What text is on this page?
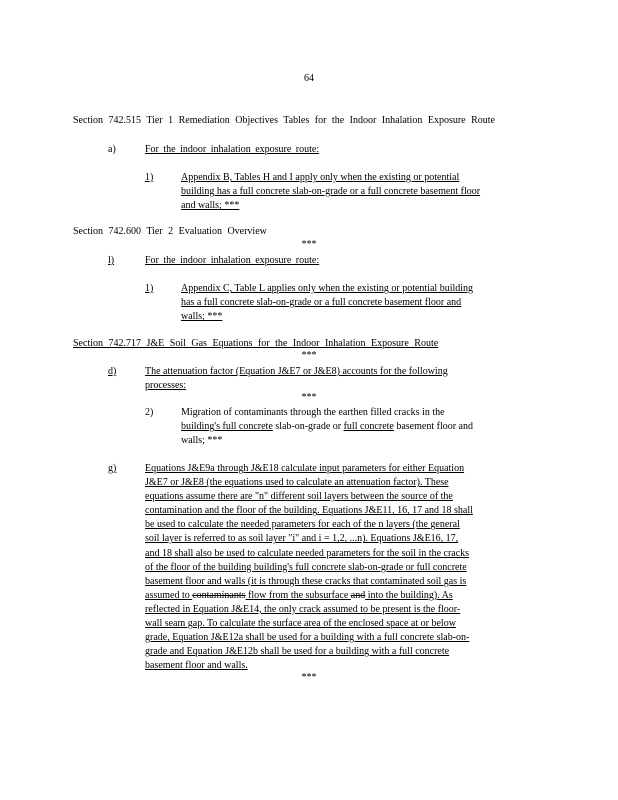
64
Section 742.515 Tier 1 Remediation Objectives Tables for the Indoor Inhalation Exposure Route
a)	For the indoor inhalation exposure route:
1)	Appendix B, Tables H and I apply only when the existing or potential
building has a full concrete slab-on-grade or a full concrete basement floor
and walls; ***
Section 742.600 Tier 2 Evaluation Overview
***
l)	For the indoor inhalation exposure route:
1)	Appendix C, Table L applies only when the existing or potential building
has a full concrete slab-on-grade or a full concrete basement floor and
walls; ***
Section 742.717 J&E Soil Gas Equations for the Indoor Inhalation Exposure Route
***
d)	The attenuation factor (Equation J&E7 or J&E8) accounts for the following
processes:
***
2)	Migration of contaminants through the earthen filled cracks in the
building's full concrete slab-on-grade or full concrete basement floor and
walls; ***
g)	Equations J&E9a through J&E18 calculate input parameters for either Equation
J&E7 or J&E8 (the equations used to calculate an attenuation factor). These
equations assume there are "n" different soil layers between the source of the
contamination and the floor of the building. Equations J&E11, 16, 17 and 18 shall
be used to calculate the needed parameters for each of the n layers (the general
soil layer is referred to as soil layer "i" and i = 1,2, ...n). Equations J&E16, 17,
and 18 shall also be used to calculate needed parameters for the soil in the cracks
of the floor of the building building's full concrete slab-on-grade or full concrete
basement floor and walls (it is through these cracks that contaminated soil gas is
assumed to contaminants flow from the subsurface and into the building). As
reflected in Equation J&E14, the only crack assumed to be present is the floor-
wall seam gap. To calculate the surface area of the enclosed space at or below
grade, Equation J&E12a shall be used for a building with a full concrete slab-on-
grade and Equation J&E12b shall be used for a building with a full concrete
basement floor and walls.
***
